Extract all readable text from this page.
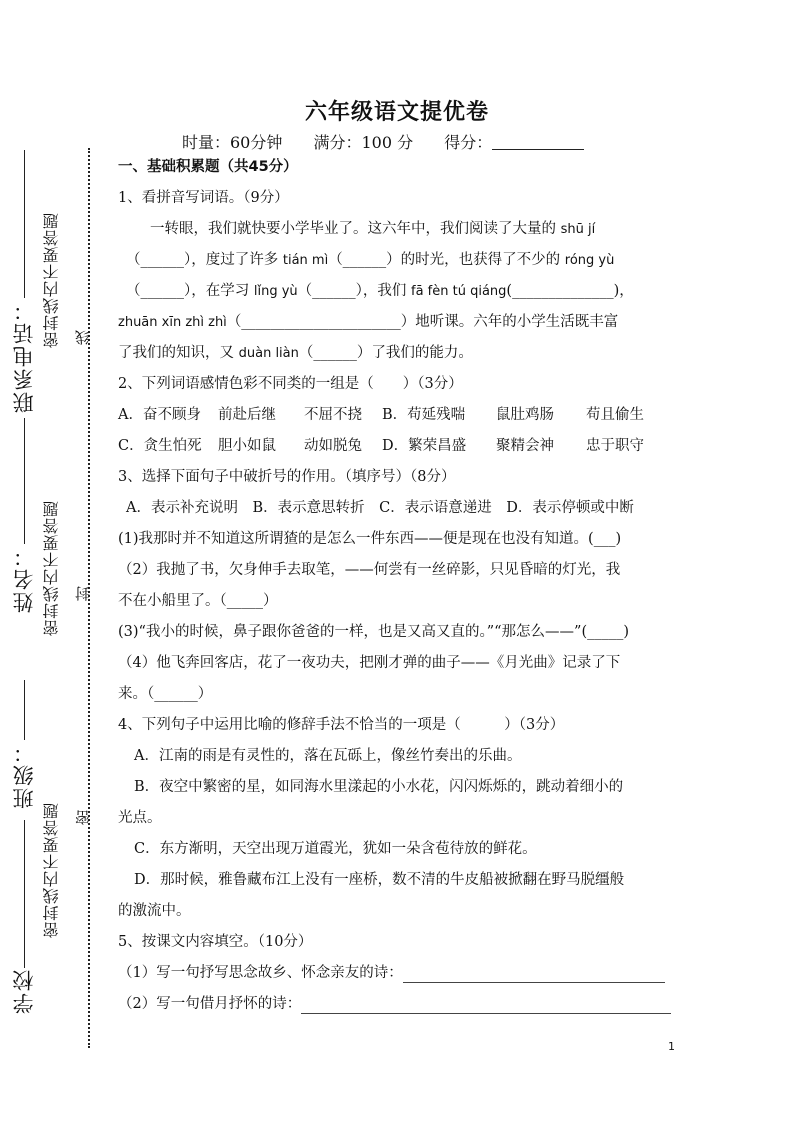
联系电话：
密封线内不要答题 线
姓名： 密封线内不要答题 封
班级：
密封线内不要答题 密
学校
六年级语文提优卷
时量：60分钟 满分：100 分 得分：
一、基础积累题（共45分）
1、看拼音写词语。（9分）
一转眼，我们就快要小学毕业了。这六年中，我们阅读了大量的 shū jí
（______），度过了许多 tián mì（______）的时光，也获得了不少的 róng yù
（______），在学习 lǐng yù（______），我们 fā fèn tú qiáng(______________)，
zhuān xīn zhì zhì（______________________）地听课。六年的小学生活既丰富
了我们的知识，又 duàn liàn（______）了我们的能力。
2、下列词语感情色彩不同类的一组是（　　）（3分）
A．奋不顾身	前赴后继	不屈不挠	B．苟延残喘	鼠肚鸡肠	苟且偷生
C．贪生怕死	胆小如鼠	动如脱兔	D．繁荣昌盛	聚精会神	忠于职守
3、选择下面句子中破折号的作用。（填序号）（8分）
A．表示补充说明　B．表示意思转折　C．表示语意递进　D．表示停顿或中断
(1)我那时并不知道这所谓猹的是怎么一件东西——便是现在也没有知道。(___)
（2）我抛了书，欠身伸手去取笔，——何尝有一丝碎影，只见昏暗的灯光，我
不在小船里了。（_____）
(3)“我小的时候，鼻子跟你爸爸的一样，也是又高又直的。”“那怎么——”(_____)
（4）他飞奔回客店，花了一夜功夫，把刚才弹的曲子——《月光曲》记录了下
来。（______）
4、下列句子中运用比喻的修辞手法不恰当的一项是（　　　）（3分）
A．江南的雨是有灵性的，落在瓦砾上，像丝竹奏出的乐曲。
B．夜空中繁密的星，如同海水里漾起的小水花，闪闪烁烁的，跳动着细小的
光点。
C．东方渐明，天空出现万道霞光，犹如一朵含苞待放的鲜花。
D．那时候，雅鲁藏布江上没有一座桥，数不清的牛皮船被掀翻在野马脱缰般
的激流中。
5、按课文内容填空。（10分）
（1）写一句抒写思念故乡、怀念亲友的诗：
（2）写一句借月抒怀的诗：
1
